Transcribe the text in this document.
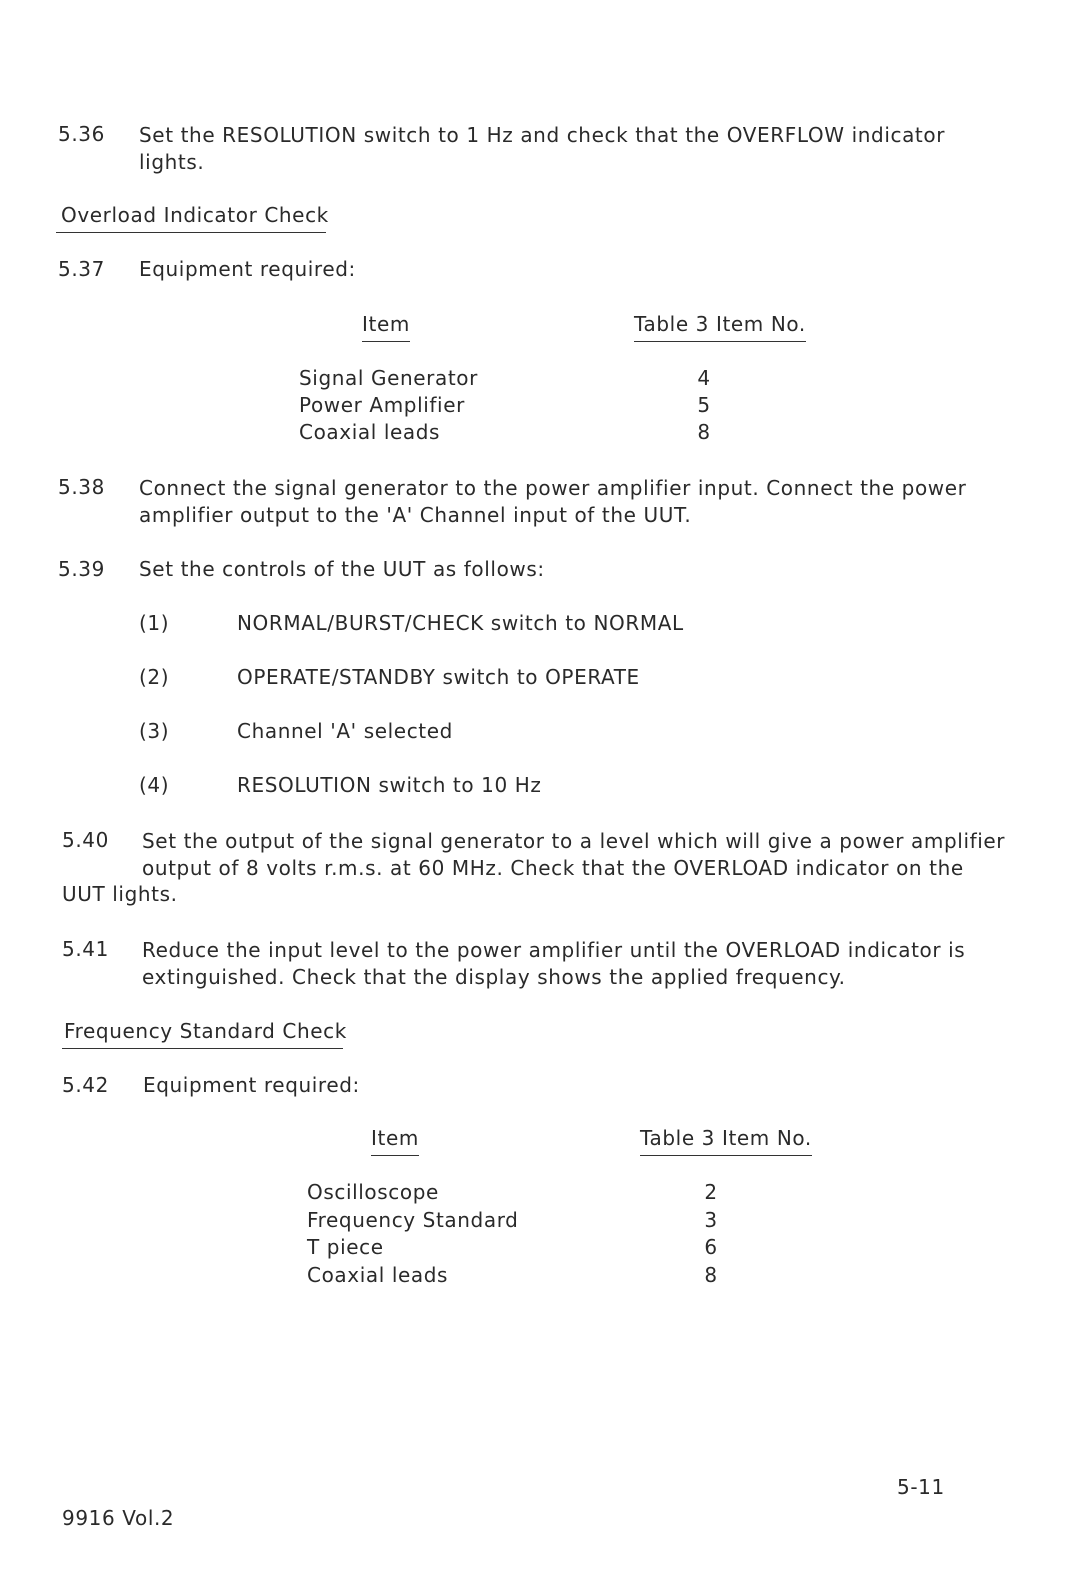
5.36 Set the RESOLUTION switch to 1 Hz and check that the OVERFLOW indicator
lights.
Overload Indicator Check
5.37 Equipment required:
Item	Table 3 Item No.
Signal Generator	4
Power Amplifier	5
Coaxial leads	8
5.38 Connect the signal generator to the power amplifier input. Connect the power
amplifier output to the 'A' Channel input of the UUT.
5.39 Set the controls of the UUT as follows:
(1)	NORMAL/BURST/CHECK switch to NORMAL
(2)	OPERATE/STANDBY switch to OPERATE
(3)	Channel 'A' selected
(4)	RESOLUTION switch to 10 Hz
5.40 Set the output of the signal generator to a level which will give a power amplifier
output of 8 volts r.m.s. at 60 MHz. Check that the OVERLOAD indicator on the
UUT lights.
5.41 Reduce the input level to the power amplifier until the OVERLOAD indicator is
extinguished. Check that the display shows the applied frequency.
Frequency Standard Check
5.42 Equipment required:
Item	Table 3 Item No.
Oscilloscope	2
Frequency Standard	3
T piece	6
Coaxial leads	8
5-11
9916 Vol.2
